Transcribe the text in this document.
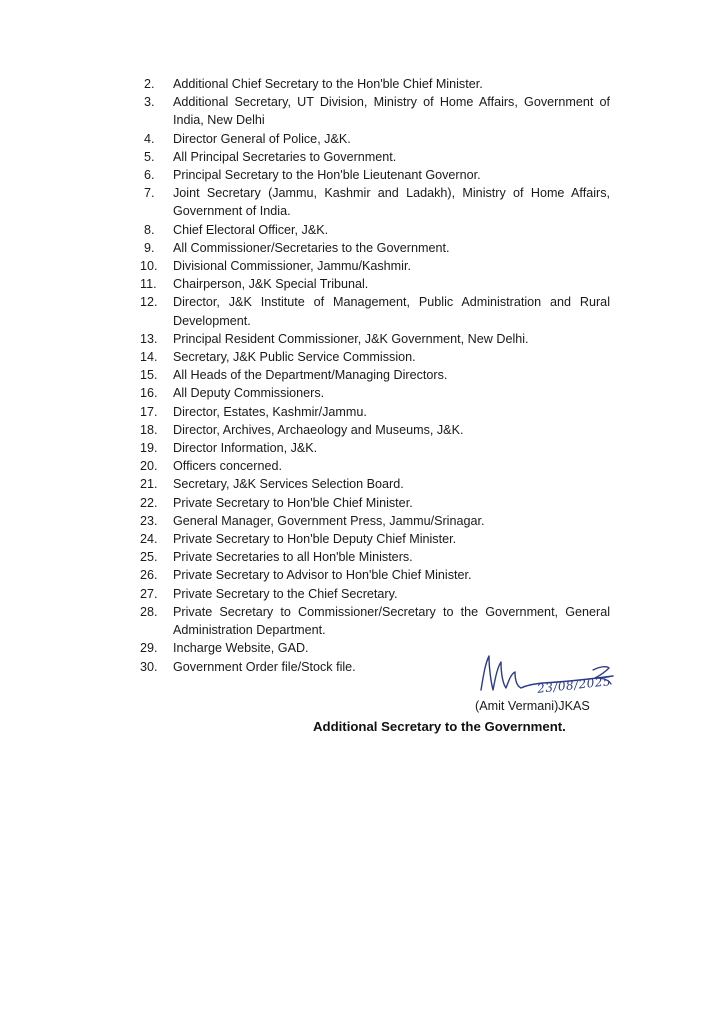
2.	Additional Chief Secretary to the Hon'ble Chief Minister.
3.	Additional Secretary, UT Division, Ministry of Home Affairs, Government of India, New Delhi
4.	Director General of Police, J&K.
5.	All Principal Secretaries to Government.
6.	Principal Secretary to the Hon'ble Lieutenant Governor.
7.	Joint Secretary (Jammu, Kashmir and Ladakh), Ministry of Home Affairs, Government of India.
8.	Chief Electoral Officer, J&K.
9.	All Commissioner/Secretaries to the Government.
10.	Divisional Commissioner, Jammu/Kashmir.
11.	Chairperson, J&K Special Tribunal.
12.	Director, J&K Institute of Management, Public Administration and Rural Development.
13.	Principal Resident Commissioner, J&K Government, New Delhi.
14.	Secretary, J&K Public Service Commission.
15.	All Heads of the Department/Managing Directors.
16.	All Deputy Commissioners.
17.	Director, Estates, Kashmir/Jammu.
18.	Director, Archives, Archaeology and Museums, J&K.
19.	Director Information, J&K.
20.	Officers concerned.
21.	Secretary, J&K Services Selection Board.
22.	Private Secretary to Hon'ble Chief Minister.
23.	General Manager, Government Press, Jammu/Srinagar.
24.	Private Secretary to Hon'ble Deputy Chief Minister.
25.	Private Secretaries to all Hon'ble Ministers.
26.	Private Secretary to Advisor to Hon'ble Chief Minister.
27.	Private Secretary to the Chief Secretary.
28.	Private Secretary to Commissioner/Secretary to the Government, General Administration Department.
29.	Incharge Website, GAD.
30.	Government Order file/Stock file.
23/08/2025
(Amit Vermani)JKAS
Additional Secretary to the Government.
